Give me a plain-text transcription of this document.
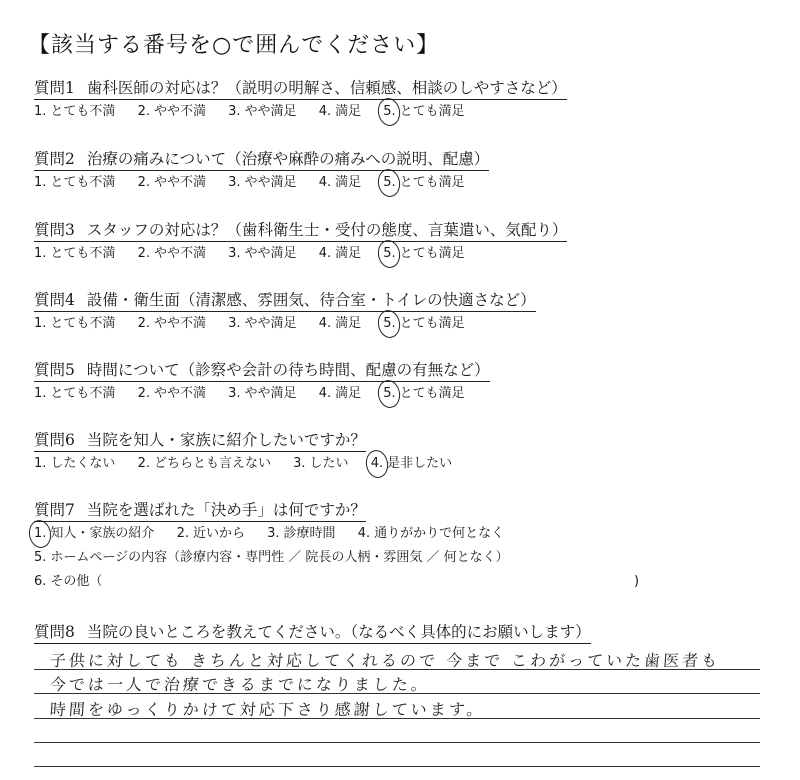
【該当する番号を○で囲んでください】
質問1 歯科医師の対応は？（説明の明解さ、信頼感、相談のしやすさなど）
1. とても不満 2. やや不満 3. やや満足 4. 満足 5. とても満足
質問2 治療の痛みについて（治療や麻酔の痛みへの説明、配慮）
1. とても不満 2. やや不満 3. やや満足 4. 満足 5. とても満足
質問3 スタッフの対応は？（歯科衛生士・受付の態度、言葉遣い、気配り）
1. とても不満 2. やや不満 3. やや満足 4. 満足 5. とても満足
質問4 設備・衛生面（清潔感、雰囲気、待合室・トイレの快適さなど）
1. とても不満 2. やや不満 3. やや満足 4. 満足 5. とても満足
質問5 時間について（診察や会計の待ち時間、配慮の有無など）
1. とても不満 2. やや不満 3. やや満足 4. 満足 5. とても満足
質問6 当院を知人・家族に紹介したいですか？
1. したくない 2. どちらとも言えない 3. したい 4. 是非したい
質問7 当院を選ばれた「決め手」は何ですか？
1. 知人・家族の紹介 2. 近いから 3. 診療時間 4. 通りがかりで何となく
5. ホームページの内容（診療内容・専門性 ／ 院長の人柄・雰囲気 ／ 何となく）
6. その他（	)
質問8 当院の良いところを教えてください。（なるべく具体的にお願いします）
子供に対しても きちんと対応してくれるので 今まで こわがっていた歯医者も
今では一人で治療できるまでになりました。
時間をゆっくりかけて対応下さり感謝しています。
